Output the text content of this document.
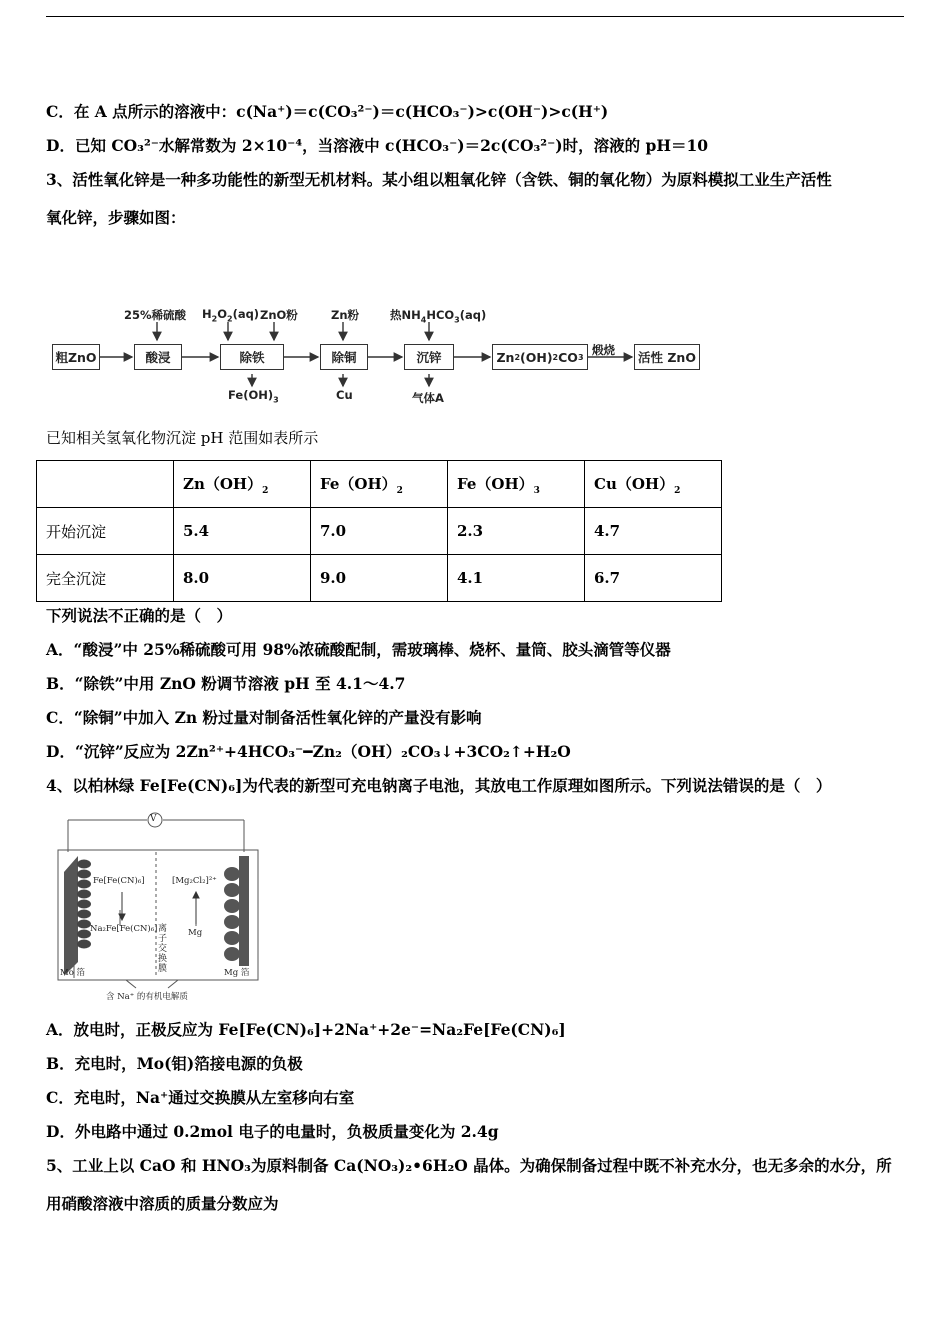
C．在 A 点所示的溶液中：c(Na⁺)＝c(CO₃²⁻)＝c(HCO₃⁻)>c(OH⁻)>c(H⁺)
D．已知 CO₃²⁻水解常数为 2×10⁻⁴，当溶液中 c(HCO₃⁻)＝2c(CO₃²⁻)时，溶液的 pH＝10
3、活性氧化锌是一种多功能性的新型无机材料。某小组以粗氧化锌（含铁、铜的氧化物）为原料模拟工业生产活性
氧化锌，步骤如图：
25%稀硫酸 $H_2O_2(aq)$ ZnO粉	Zn粉	热$NH_4HCO_3(aq)$
煅烧
粗ZnO	酸浸	除铁	除铜	沉锌	Zn 2 (OH) 2 CO 3	活性 ZnO
$Fe(OH)_3$	Cu	气体A
已知相关氢氧化物沉淀 pH 范围如表所示
	$Zn(OH)_2$	$Fe(OH)_2$	$Fe(OH)_3$	$Cu(OH)_2$
开始沉淀	5.4	7.0	2.3	4.7
完全沉淀	8.0	9.0	4.1	6.7
下列说法不正确的是（　）
A．“酸浸”中 25%稀硫酸可用 98%浓硫酸配制，需玻璃棒、烧杯、量筒、胶头滴管等仪器
B．“除铁”中用 ZnO 粉调节溶液 pH 至 4.1～4.7
C．“除铜”中加入 Zn 粉过量对制备活性氧化锌的产量没有影响
D．“沉锌”反应为 2Zn²⁺+4HCO₃⁻━Zn₂（OH）₂CO₃↓+3CO₂↑+H₂O
4、以柏林绿 Fe[Fe(CN)₆]为代表的新型可充电钠离子电池，其放电工作原理如图所示。下列说法错误的是（　）
V
Fe[Fe(CN)₆]
Na₂Fe[Fe(CN)₆]
[Mg₂Cl₂]²⁺
Mg
离
子
交
换
膜
Mo 箔	Mg 箔
含 Na⁺ 的有机电解质
A．放电时，正极反应为 Fe[Fe(CN)₆]+2Na⁺+2e⁻=Na₂Fe[Fe(CN)₆]
B．充电时，Mo(钼)箔接电源的负极
C．充电时，Na⁺通过交换膜从左室移向右室
D．外电路中通过 0.2mol 电子的电量时，负极质量变化为 2.4g
5、工业上以 CaO 和 HNO₃为原料制备 Ca(NO₃)₂•6H₂O 晶体。为确保制备过程中既不补充水分，也无多余的水分，所
用硝酸溶液中溶质的质量分数应为
